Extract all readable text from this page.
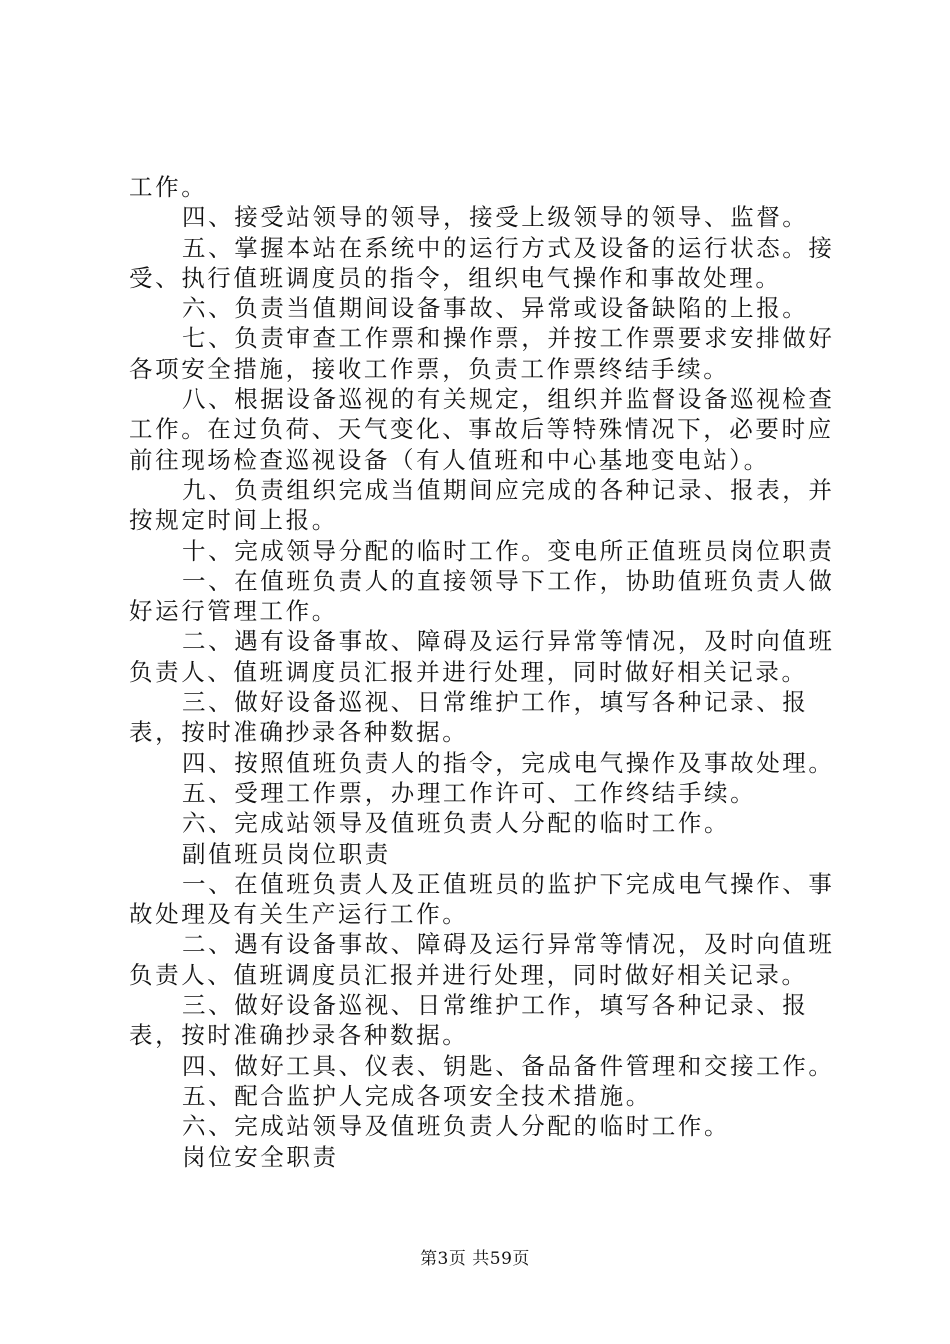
工作。

四、接受站领导的领导，接受上级领导的领导、监督。

五、掌握本站在系统中的运行方式及设备的运行状态。接受、执行值班调度员的指令，组织电气操作和事故处理。

六、负责当值期间设备事故、异常或设备缺陷的上报。

七、负责审查工作票和操作票，并按工作票要求安排做好各项安全措施，接收工作票，负责工作票终结手续。

八、根据设备巡视的有关规定，组织并监督设备巡视检查工作。在过负荷、天气变化、事故后等特殊情况下，必要时应前往现场检查巡视设备（有人值班和中心基地变电站）。

九、负责组织完成当值期间应完成的各种记录、报表，并按规定时间上报。

十、完成领导分配的临时工作。变电所正值班员岗位职责

一、在值班负责人的直接领导下工作，协助值班负责人做好运行管理工作。

二、遇有设备事故、障碍及运行异常等情况，及时向值班负责人、值班调度员汇报并进行处理，同时做好相关记录。

三、做好设备巡视、日常维护工作，填写各种记录、报表，按时准确抄录各种数据。

四、按照值班负责人的指令，完成电气操作及事故处理。

五、受理工作票，办理工作许可、工作终结手续。

六、完成站领导及值班负责人分配的临时工作。

副值班员岗位职责

一、在值班负责人及正值班员的监护下完成电气操作、事故处理及有关生产运行工作。

二、遇有设备事故、障碍及运行异常等情况，及时向值班负责人、值班调度员汇报并进行处理，同时做好相关记录。

三、做好设备巡视、日常维护工作，填写各种记录、报表，按时准确抄录各种数据。

四、做好工具、仪表、钥匙、备品备件管理和交接工作。

五、配合监护人完成各项安全技术措施。

六、完成站领导及值班负责人分配的临时工作。

岗位安全职责

第3页 共59页
